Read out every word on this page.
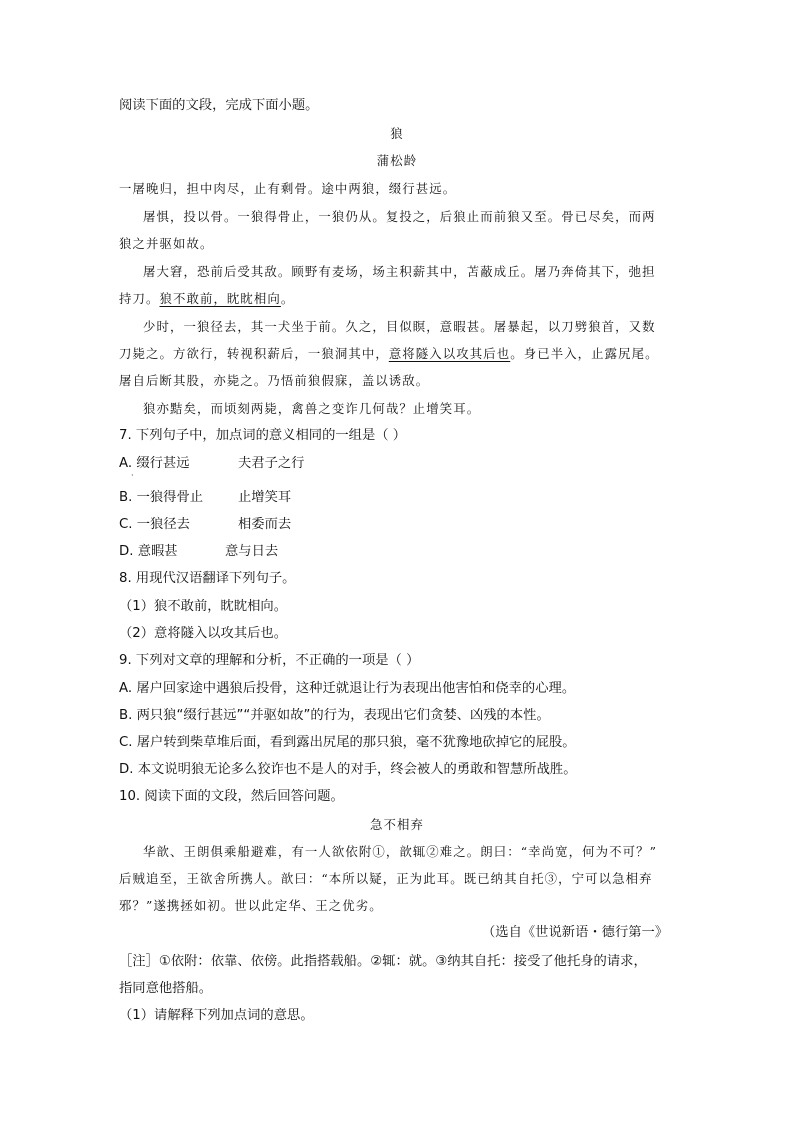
阅读下面的文段，完成下面小题。
狼
蒲松龄
一屠晚归，担中肉尽，止有剩骨。途中两狼，缀行甚远。
屠惧，投以骨。一狼得骨止，一狼仍从。复投之，后狼止而前狼又至。骨已尽矣，而两
狼之并驱如故。
屠大窘，恐前后受其敌。顾野有麦场，场主积薪其中，苫蔽成丘。屠乃奔倚其下，弛担
持刀。狼不敢前，眈眈相向。
少时，一狼径去，其一犬坐于前。久之，目似瞑，意暇甚。屠暴起，以刀劈狼首，又数
刀毙之。方欲行，转视积薪后，一狼洞其中，意将隧入以攻其后也。身已半入，止露尻尾。
屠自后断其股，亦毙之。乃悟前狼假寐，盖以诱敌。
狼亦黠矣，而顷刻两毙，禽兽之变诈几何哉？止增笑耳。
7. 下列句子中，加点词的意义相同的一组是（ ）
A. 缀行甚远	夫君子之行
·
B. 一狼得骨止	止增笑耳
C. 一狼径去	相委而去
D. 意暇甚	意与日去
8. 用现代汉语翻译下列句子。
（1）狼不敢前，眈眈相向。
（2）意将隧入以攻其后也。
9. 下列对文章的理解和分析，不正确的一项是（ ）
A. 屠户回家途中遇狼后投骨，这种迁就退让行为表现出他害怕和侥幸的心理。
B. 两只狼“缀行甚远”“并驱如故”的行为，表现出它们贪婪、凶残的本性。
C. 屠户转到柴草堆后面，看到露出尻尾的那只狼，毫不犹豫地砍掉它的屁股。
D. 本文说明狼无论多么狡诈也不是人的对手，终会被人的勇敢和智慧所战胜。
10. 阅读下面的文段，然后回答问题。
急不相弃
华歆、王朗俱乘船避难，有一人欲依附①，歆辄②难之。朗曰：“幸尚宽，何为不可？”
后贼追至，王欲舍所携人。歆曰：“本所以疑，正为此耳。既已纳其自托③，宁可以急相弃
邪？”遂携拯如初。世以此定华、王之优劣。
（选自《世说新语・德行第一》
［注］①依附：依靠、依傍。此指搭载船。②辄：就。③纳其自托：接受了他托身的请求，
指同意他搭船。
（1）请解释下列加点词的意思。
